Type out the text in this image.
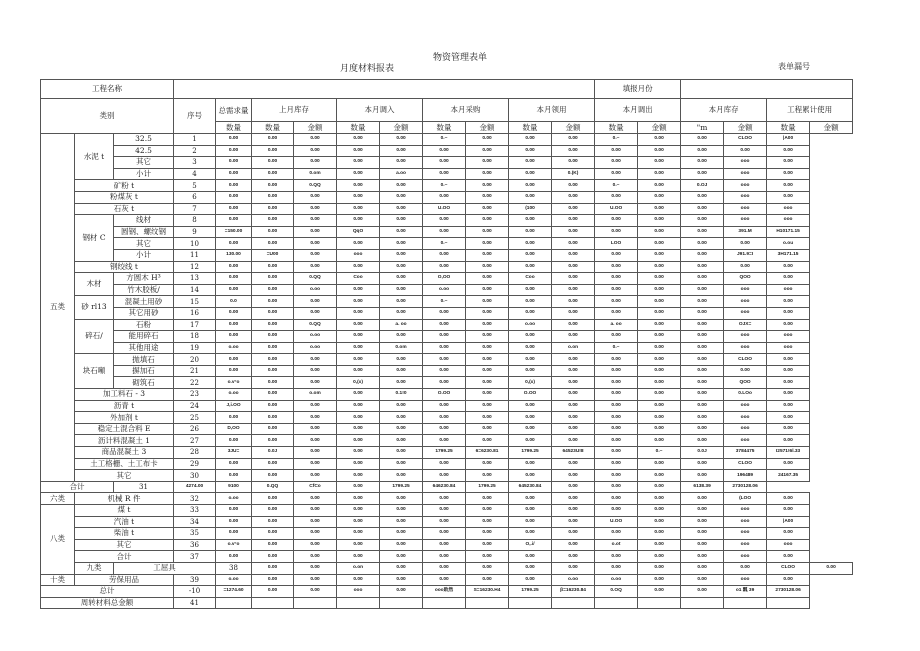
物资管理表单
月度材料报表	表单漏号
工程名称													填报月份					
类别			序号	总需求量	上月库存		本月调入		本月采购		本月领用		本月调出		本月库存		工程累计使用	
				数量	数量	金额	数量	金额	数量	金额	数量	金额	数量	金额	"m	金额	数量	金额
五类	水泥 t	32.5	1	0.00	0.00	0.00	0.00	0.00	0.~	0.00	0.00	0.00	0.~	0.00	0.00	CLOO	|A00	
		42.5	2	0.00	0.00	0.00	0.00	0.00	0.00	0.00	0.00	0.00	0.00	0.00	0.00	0.00	0.00	
		其它	3	0.00	0.00	0.00	0.00	0.00	0.00	0.00	0.00	0.00	0.00	0.00	0.00	ooo	0.00	
		小计	4	0.00	0.00	0.om	0.00	a.oo	0.00	0.00	0.00	0.(K)	0.00	0.00	0.00	ooo	0.00	
	矿粉 t		5	0.00	0.00	0.QQ	0.00	0.00	0.~	0.00	0.00	0.00	0.~	0.00	0.OJ	ooo	0.00	
	粉煤灰 t		6	0.00	0.00	0.00	0.00	0.00	0.00	0.00	0.00	0.00	0.00	0.00	0.00	ooo	0.00	
	石灰 t		7	0.00	0.00	0.00	0.00	0.00	U.OO	0.00	(100	0.00	U.OO	0.00	0.00	ooo	ooo	
	钢材 C	线材	8	0.00	0.00	0.00	0.00	0.00	0.00	0.00	0.00	0.00	0.00	0.00	0.00	ooo	ooo	
		圆钢、螺纹钢	9	=150.00	0.00	0.00	QqO	0.00	0.00	0.00	0.00	0.00	0.00	0.00	0.00	391.M	H10171.15	
		其它	10	0.00	0.00	0.00	0.00	0.00	0.~	0.00	0.00	0.00	LOO	0.00	0.00	0.00	o.ou	
		小计	11	130.00	=U00	0.00	ooo	0.00	0.00	0.00	0.00	0.00	0.00	0.00	0.00	J91.9=I	3H171.15	
	钢绞线 t		12	0.00	0.00	0.00	0.00	0.00	0.00	0.00	0.00	0.00	0.00	0.00	0.00	0.00	0.00	
	木材	方圆木 H³	13	0.00	0.00	0.QQ	Coo	0.00	O,OO	0.00	Coo	0.00	0.00	0.00	0.00	QOO	0.00	
		竹木胶板/	14	0.00	0.00	o.oo	0.00	0.00	o.oo	0.00	0.00	0.00	0.00	0.00	0.00	ooo	ooo	
	砂 rl13	混凝土用砂	15	0.0	0.00	0.00	0.00	0.00	0.~	0.00	0.00	0.00	0.00	0.00	0.00	ooo	0.00	
		其它用砂	16	0.00	0.00	0.00	0.00	0.00	0.00	0.00	0.00	0.00	0.00	0.00	0.00	ooo	0.00	
	碎石/	石粉	17	0.00	0.00	0.QQ	0.00	a. oo	0.00	0.00	o.oo	0.00	a. oo	0.00	0.00	OJX=	0.00	
		能用碎石	18	0.00	0.00	o.oo	0.00	0.00	0.00	0.00	0.00	0.00	0.00	0.00	0.00	ooo	ooo	
		其他用途	19	o.oo	0.00	o.oo	0.00	0.om	0.00	0.00	0.00	o.on	0.~	0.00	0.00	ooo	ooo	
	块石噸	抛填石	20	0.00	0.00	0.00	0.00	0.00	0.00	0.00	0.00	0.00	0.00	0.00	0.00	CLOO	0.00	
		摒加石	21	0.00	0.00	0.00	0.00	0.00	0.00	0.00	0.00	0.00	0.00	0.00	0.00	0.00	0.00	
		砌筑石	22	o.v°o	0.00	0.00	0,(x)	0.00	0.00	0.00	0,(x)	0.00	0.00	0.00	0.00	QOO	0.00	
	加工料石 - 3		23	o.oo	0.00	o.om	0.00	0.1!0	O.OO	0.00	O.OO	0.00	0.00	0.00	0.00	0.LOo	0.00	
	沥青 t		24	J,i.OO	0.00	0.00	0.00	0.00	0.00	0.00	0.00	0.00	0.00	0.00	0.00	ooo	0.00	
	外加剂 t		25	0.00	0.00	0.00	0.00	0.00	0.00	0.00	0.00	0.00	0.00	0.00	0.00	ooo	0.00	
	稳定土混合料 E		26	D,OO	0.00	0.00	0.00	0.00	0.00	0.00	0.00	0.00	0.00	0.00	0.00	ooo	0.00	
	沥计料混凝土 1		27	0.00	0.00	0.00	0.00	0.00	0.00	0.00	0.00	0.00	0.00	0.00	0.00	ooo	0.00	
	商品混凝土 3		28	3JU=	0.0J	0.00	0.00	0.00	1799.25	6=6230.81	1799.25	64523U!8	0.00	0.~	0.0J	3784475	I2571!6l.33	
	土工格栅、土工布卡		29	0.00	0.00	0.00	0.00	0.00	0.00	0.00	0.00	0.00	0.00	0.00	0.00	CLOO	0.00	
	其它		30	0.00	0.00	0.00	0.00	0.00	0.00	0.00	0.00	0.00	0.00	0.00	0.00	196489	24167.35	
合计		31	4274.00	9100	0.QQ	CfCo	0.00	1799.25	646230.84	1799.25	645230.84	0.00	0.00	0.00	6138.39	2730128.06		
六类	机械 R 件		32	o.oo	0.00	0.00	0.00	0.00	0.00	0.00	0.00	0.00	0.00	0.00	0.00	(LOO	0.00	
八类	煤 t		33	0.00	0.00	0.00	0.00	0.00	0.00	0.00	0.00	0.00	0.00	0.00	0.00	ooo	0.00	
	汽油 t		34	0.00	0.00	0.00	0.00	0.00	0.00	0.00	0.00	0.00	U.OO	0.00	0.00	ooo	|A00	
	柴油 t		35	0.00	0.00	0.00	0.00	0.00	0.00	0.00	0.00	0.00	0.00	0.00	0.00	ooo	0.00	
	其它		36	o.v°o	0.00	0.00	0.00	0.00	0.00	0.00	O,.i/	0.00	o.ot	0.00	0.00	ooo	ooo	
	合计		37	0.00	0.00	0.00	0.00	0.00	0.00	0.00	0.00	0.00	0.00	0.00	0.00	ooo	0.00	
	九类	工屈具		38	0.00	0.00	o.on	0.00	0.00	0.00	0.00	0.00	0.00	0.00	0.00	0.00	CLOO	0.00
十类	劳保用品		39	o.oo	0.00	0.00	0.00	0.00	0.00	0.00	0.00	o.oo	o.oo	0.00	0.00	ooo	0.00	
总计			-10	=1274.60	0.00	0.00	ooo	0.00	ooo敗然	S=16230.H4	1799.25	β=16230.84	0.OQ	0.00	0.00	o1 瓢 39	2730128.06	
周转材料总金额			41															
